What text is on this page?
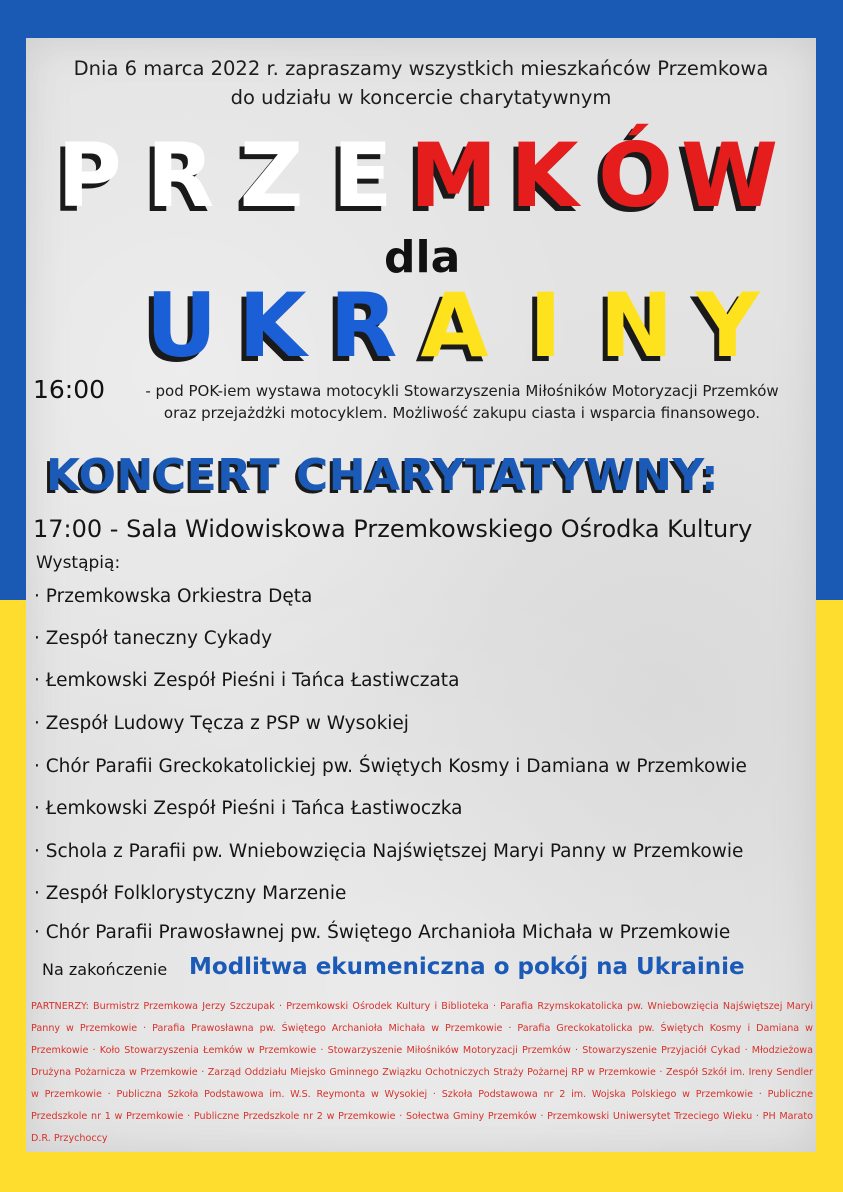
Dnia 6 marca 2022 r. zapraszamy wszystkich mieszkańców Przemkowa
do udziału w koncercie charytatywnym
P R Z E M K ÓW
dla
U K R A I N Y
16:00	- pod POK-iem wystawa motocykli Stowarzyszenia Miłośników Motoryzacji Przemków
oraz przejażdżki motocyklem. Możliwość zakupu ciasta i wsparcia finansowego.
KONCERT CHARYTATYWNY:
17:00 - Sala Widowiskowa Przemkowskiego Ośrodka Kultury
Wystąpią:
· Przemkowska Orkiestra Dęta
· Zespół taneczny Cykady
· Łemkowski Zespół Pieśni i Tańca Łastiwczata
· Zespół Ludowy Tęcza z PSP w Wysokiej
· Chór Parafii Greckokatolickiej pw. Świętych Kosmy i Damiana w Przemkowie
· Łemkowski Zespół Pieśni i Tańca Łastiwoczka
· Schola z Parafii pw. Wniebowzięcia Najświętszej Maryi Panny w Przemkowie
· Zespół Folklorystyczny Marzenie
· Chór Parafii Prawosławnej pw. Świętego Archanioła Michała w Przemkowie
Na zakończenie Modlitwa ekumeniczna o pokój na Ukrainie
PARTNERZY: Burmistrz Przemkowa Jerzy Szczupak · Przemkowski Ośrodek Kultury i Biblioteka · Parafia Rzymskokatolicka pw. Wniebowzięcia Najświętszej Maryi Panny w Przemkowie · Parafia Prawosławna pw. Świętego Archanioła Michała w Przemkowie · Parafia Greckokatolicka pw. Świętych Kosmy i Damiana w Przemkowie · Koło Stowarzyszenia Łemków w Przemkowie · Stowarzyszenie Miłośników Motoryzacji Przemków · Stowarzyszenie Przyjaciół Cykad · Młodzieżowa Drużyna Pożarnicza w Przemkowie · Zarząd Oddziału Miejsko Gminnego Związku Ochotniczych Straży Pożarnej RP w Przemkowie · Zespół Szkół im. Ireny Sendler w Przemkowie · Publiczna Szkoła Podstawowa im. W.S. Reymonta w Wysokiej · Szkoła Podstawowa nr 2 im. Wojska Polskiego w Przemkowie · Publiczne Przedszkole nr 1 w Przemkowie · Publiczne Przedszkole nr 2 w Przemkowie · Sołectwa Gminy Przemków · Przemkowski Uniwersytet Trzeciego Wieku · PH Marato D.R. Przychoccy
